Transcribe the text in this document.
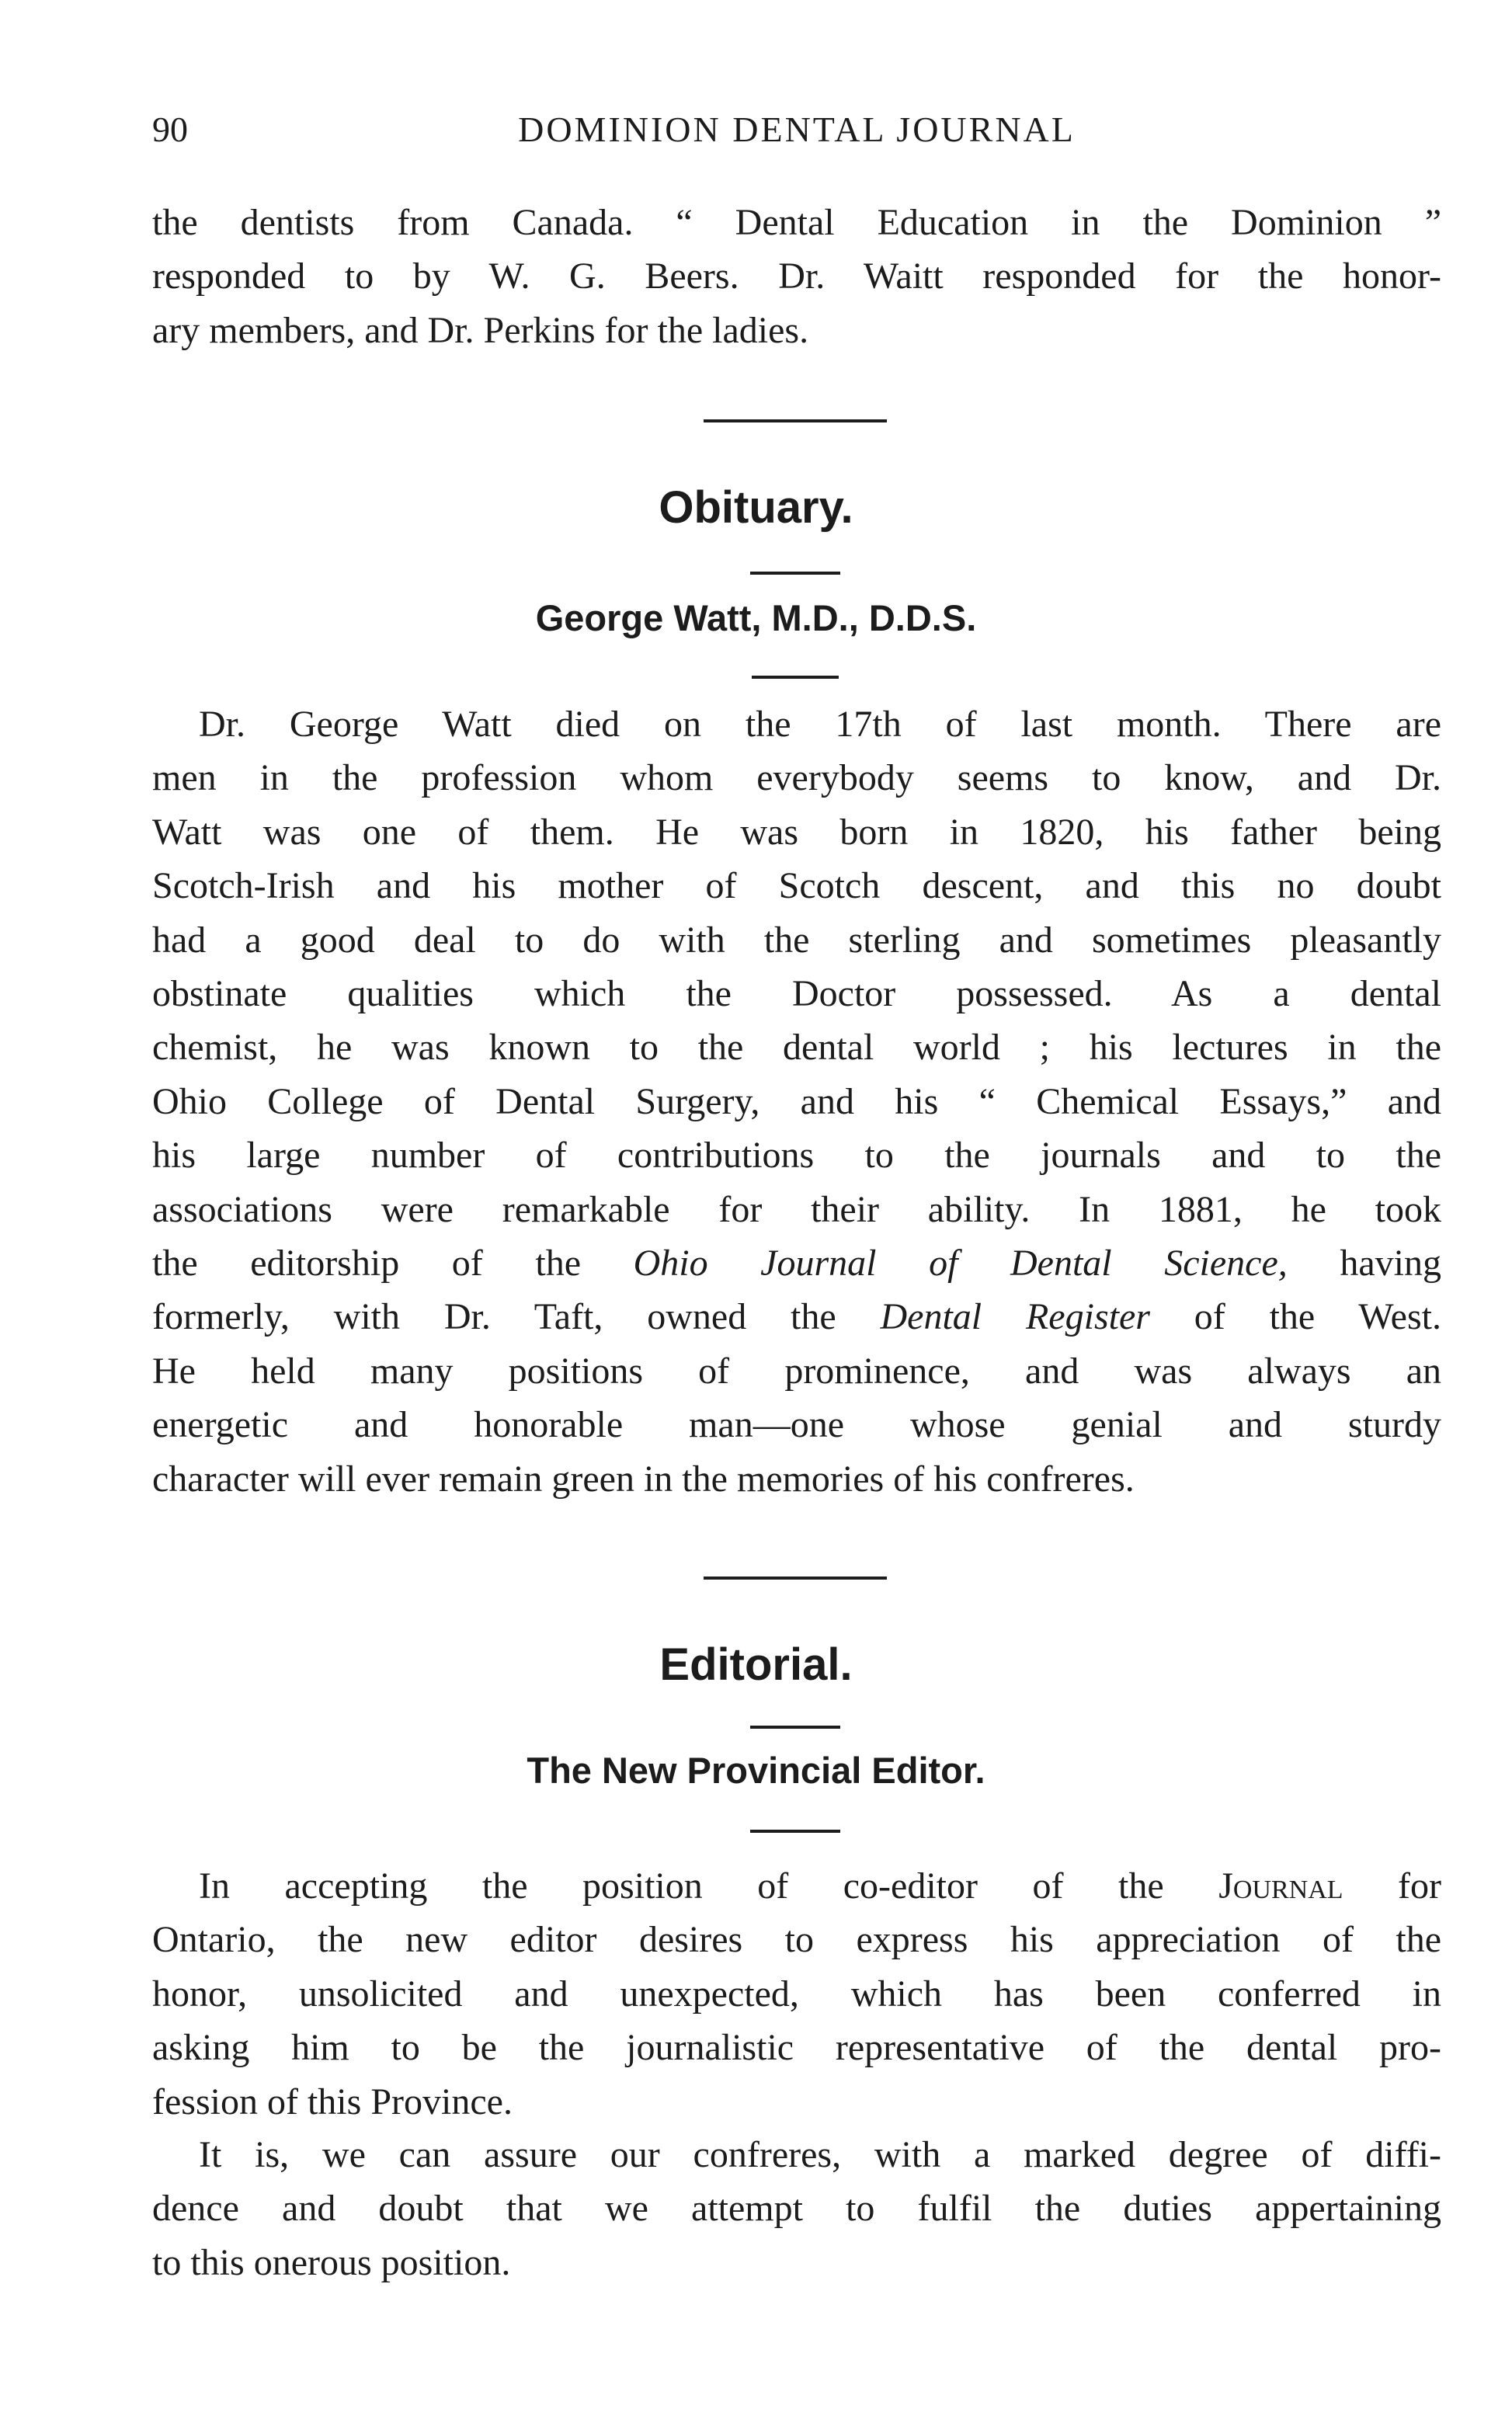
90	DOMINION DENTAL JOURNAL

the dentists from Canada. “ Dental Education in the Dominion ”
responded to by W. G. Beers. Dr. Waitt responded for the honor-
ary members, and Dr. Perkins for the ladies.

Obituary.
George Watt, M.D., D.D.S.

Dr. George Watt died on the 17th of last month. There are
men in the profession whom everybody seems to know, and Dr.
Watt was one of them. He was born in 1820, his father being
Scotch-Irish and his mother of Scotch descent, and this no doubt
had a good deal to do with the sterling and sometimes pleasantly
obstinate qualities which the Doctor possessed. As a dental
chemist, he was known to the dental world ; his lectures in the
Ohio College of Dental Surgery, and his “ Chemical Essays,” and
his large number of contributions to the journals and to the
associations were remarkable for their ability. In 1881, he took
the editorship of the Ohio Journal of Dental Science, having
formerly, with Dr. Taft, owned the Dental Register of the West.
He held many positions of prominence, and was always an
energetic and honorable man—one whose genial and sturdy
character will ever remain green in the memories of his confreres.

Editorial.
The New Provincial Editor.

In accepting the position of co-editor of the Journal for
Ontario, the new editor desires to express his appreciation of the
honor, unsolicited and unexpected, which has been conferred in
asking him to be the journalistic representative of the dental pro-
fession of this Province.

It is, we can assure our confreres, with a marked degree of diffi-
dence and doubt that we attempt to fulfil the duties appertaining
to this onerous position.
